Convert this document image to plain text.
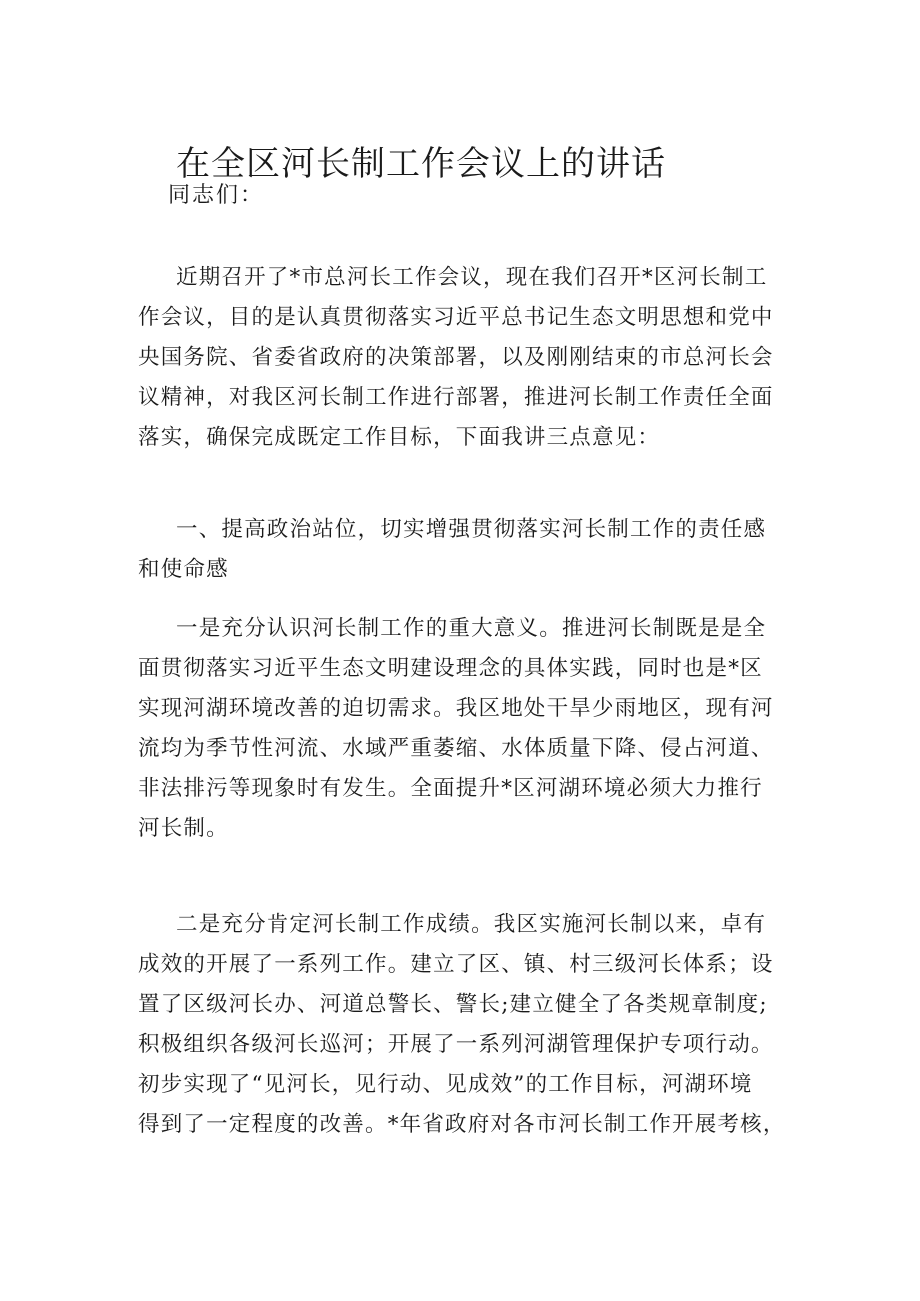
在全区河长制工作会议上的讲话
同志们：
近期召开了*市总河长工作会议，现在我们召开*区河长制工
作会议，目的是认真贯彻落实习近平总书记生态文明思想和党中
央国务院、省委省政府的决策部署，以及刚刚结束的市总河长会
议精神，对我区河长制工作进行部署，推进河长制工作责任全面
落实，确保完成既定工作目标，下面我讲三点意见：
一、提高政治站位，切实增强贯彻落实河长制工作的责任感
和使命感
一是充分认识河长制工作的重大意义。推进河长制既是是全
面贯彻落实习近平生态文明建设理念的具体实践，同时也是*区
实现河湖环境改善的迫切需求。我区地处干旱少雨地区，现有河
流均为季节性河流、水域严重萎缩、水体质量下降、侵占河道、
非法排污等现象时有发生。全面提升*区河湖环境必须大力推行
河长制。
二是充分肯定河长制工作成绩。我区实施河长制以来，卓有
成效的开展了一系列工作。建立了区、镇、村三级河长体系；设
置了区级河长办、河道总警长、警长;建立健全了各类规章制度;
积极组织各级河长巡河；开展了一系列河湖管理保护专项行动。
初步实现了“见河长，见行动、见成效”的工作目标，河湖环境
得到了一定程度的改善。*年省政府对各市河长制工作开展考核，
